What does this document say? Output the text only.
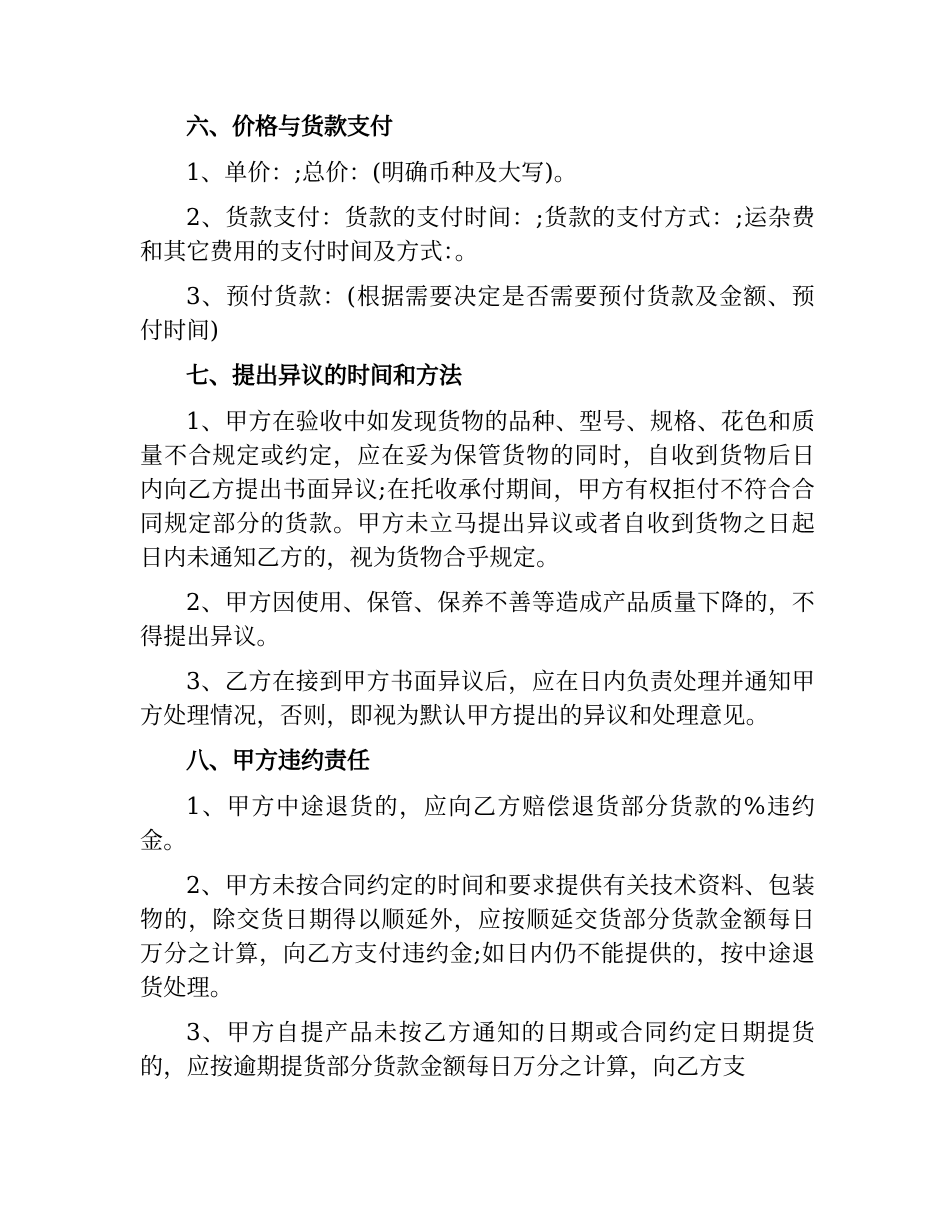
六、价格与货款支付

1、单价：;总价：(明确币种及大写)。

2、货款支付：货款的支付时间：;货款的支付方式：;运杂费和其它费用的支付时间及方式：。

3、预付货款：(根据需要决定是否需要预付货款及金额、预付时间)

七、提出异议的时间和方法

1、甲方在验收中如发现货物的品种、型号、规格、花色和质量不合规定或约定，应在妥为保管货物的同时，自收到货物后日内向乙方提出书面异议;在托收承付期间，甲方有权拒付不符合合同规定部分的货款。甲方未立马提出异议或者自收到货物之日起日内未通知乙方的，视为货物合乎规定。

2、甲方因使用、保管、保养不善等造成产品质量下降的，不得提出异议。

3、乙方在接到甲方书面异议后，应在日内负责处理并通知甲方处理情况，否则，即视为默认甲方提出的异议和处理意见。

八、甲方违约责任

1、甲方中途退货的，应向乙方赔偿退货部分货款的%违约金。

2、甲方未按合同约定的时间和要求提供有关技术资料、包装物的，除交货日期得以顺延外，应按顺延交货部分货款金额每日万分之计算，向乙方支付违约金;如日内仍不能提供的，按中途退货处理。

3、甲方自提产品未按乙方通知的日期或合同约定日期提货的，应按逾期提货部分货款金额每日万分之计算，向乙方支
